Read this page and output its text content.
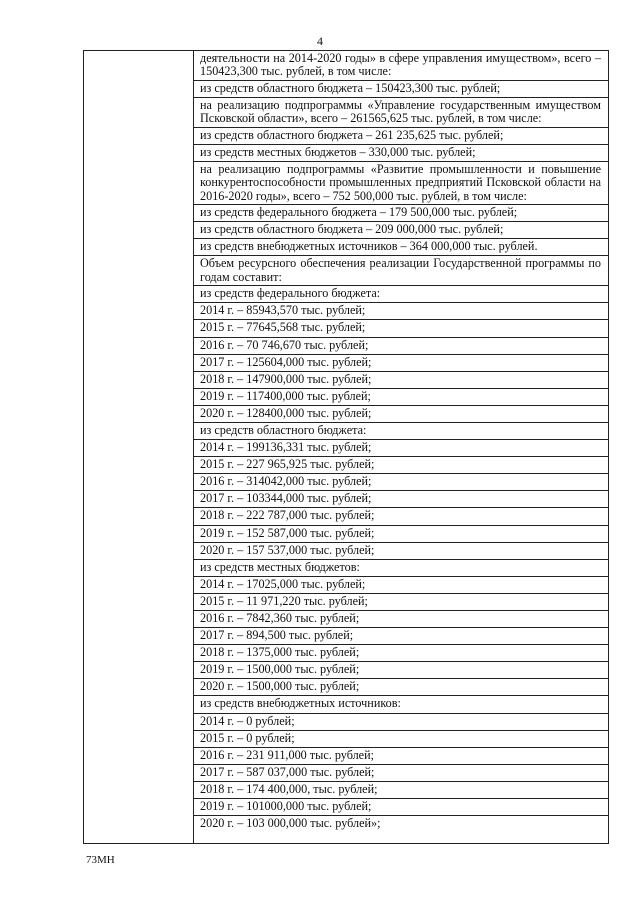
4
деятельности на 2014-2020 годы» в сфере управления имуществом», всего – 150423,300 тыс. рублей, в том числе:
из средств областного бюджета – 150423,300 тыс. рублей;
на реализацию подпрограммы «Управление государственным имуществом Псковской области», всего – 261565,625 тыс. рублей, в том числе:
из средств областного бюджета – 261 235,625 тыс. рублей;
из средств местных бюджетов – 330,000 тыс. рублей;
на реализацию подпрограммы «Развитие промышленности и повышение конкурентоспособности промышленных предприятий Псковской области на 2016-2020 годы», всего – 752 500,000 тыс. рублей, в том числе:
из средств федерального бюджета – 179 500,000 тыс. рублей;
из средств областного бюджета – 209 000,000 тыс. рублей;
из средств внебюджетных источников – 364 000,000 тыс. рублей.
Объем ресурсного обеспечения реализации Государственной программы по годам составит:
из средств федерального бюджета:
2014 г. – 85943,570 тыс. рублей;
2015 г. – 77645,568 тыс. рублей;
2016 г. – 70 746,670 тыс. рублей;
2017 г. – 125604,000 тыс. рублей;
2018 г. – 147900,000 тыс. рублей;
2019 г. – 117400,000 тыс. рублей;
2020 г. – 128400,000 тыс. рублей;
из средств областного бюджета:
2014 г. – 199136,331 тыс. рублей;
2015 г. – 227 965,925 тыс. рублей;
2016 г. – 314042,000 тыс. рублей;
2017 г. – 103344,000 тыс. рублей;
2018 г. – 222 787,000 тыс. рублей;
2019 г. – 152 587,000 тыс. рублей;
2020 г. – 157 537,000 тыс. рублей;
из средств местных бюджетов:
2014 г. – 17025,000 тыс. рублей;
2015 г. – 11 971,220 тыс. рублей;
2016 г. – 7842,360 тыс. рублей;
2017 г. – 894,500 тыс. рублей;
2018 г. – 1375,000 тыс. рублей;
2019 г. – 1500,000 тыс. рублей;
2020 г. – 1500,000 тыс. рублей;
из средств внебюджетных источников:
2014 г. – 0 рублей;
2015 г. – 0 рублей;
2016 г. – 231 911,000 тыс. рублей;
2017 г. – 587 037,000 тыс. рублей;
2018 г. – 174 400,000, тыс. рублей;
2019 г. – 101000,000 тыс. рублей;
2020 г. – 103 000,000 тыс. рублей»;
73МН
